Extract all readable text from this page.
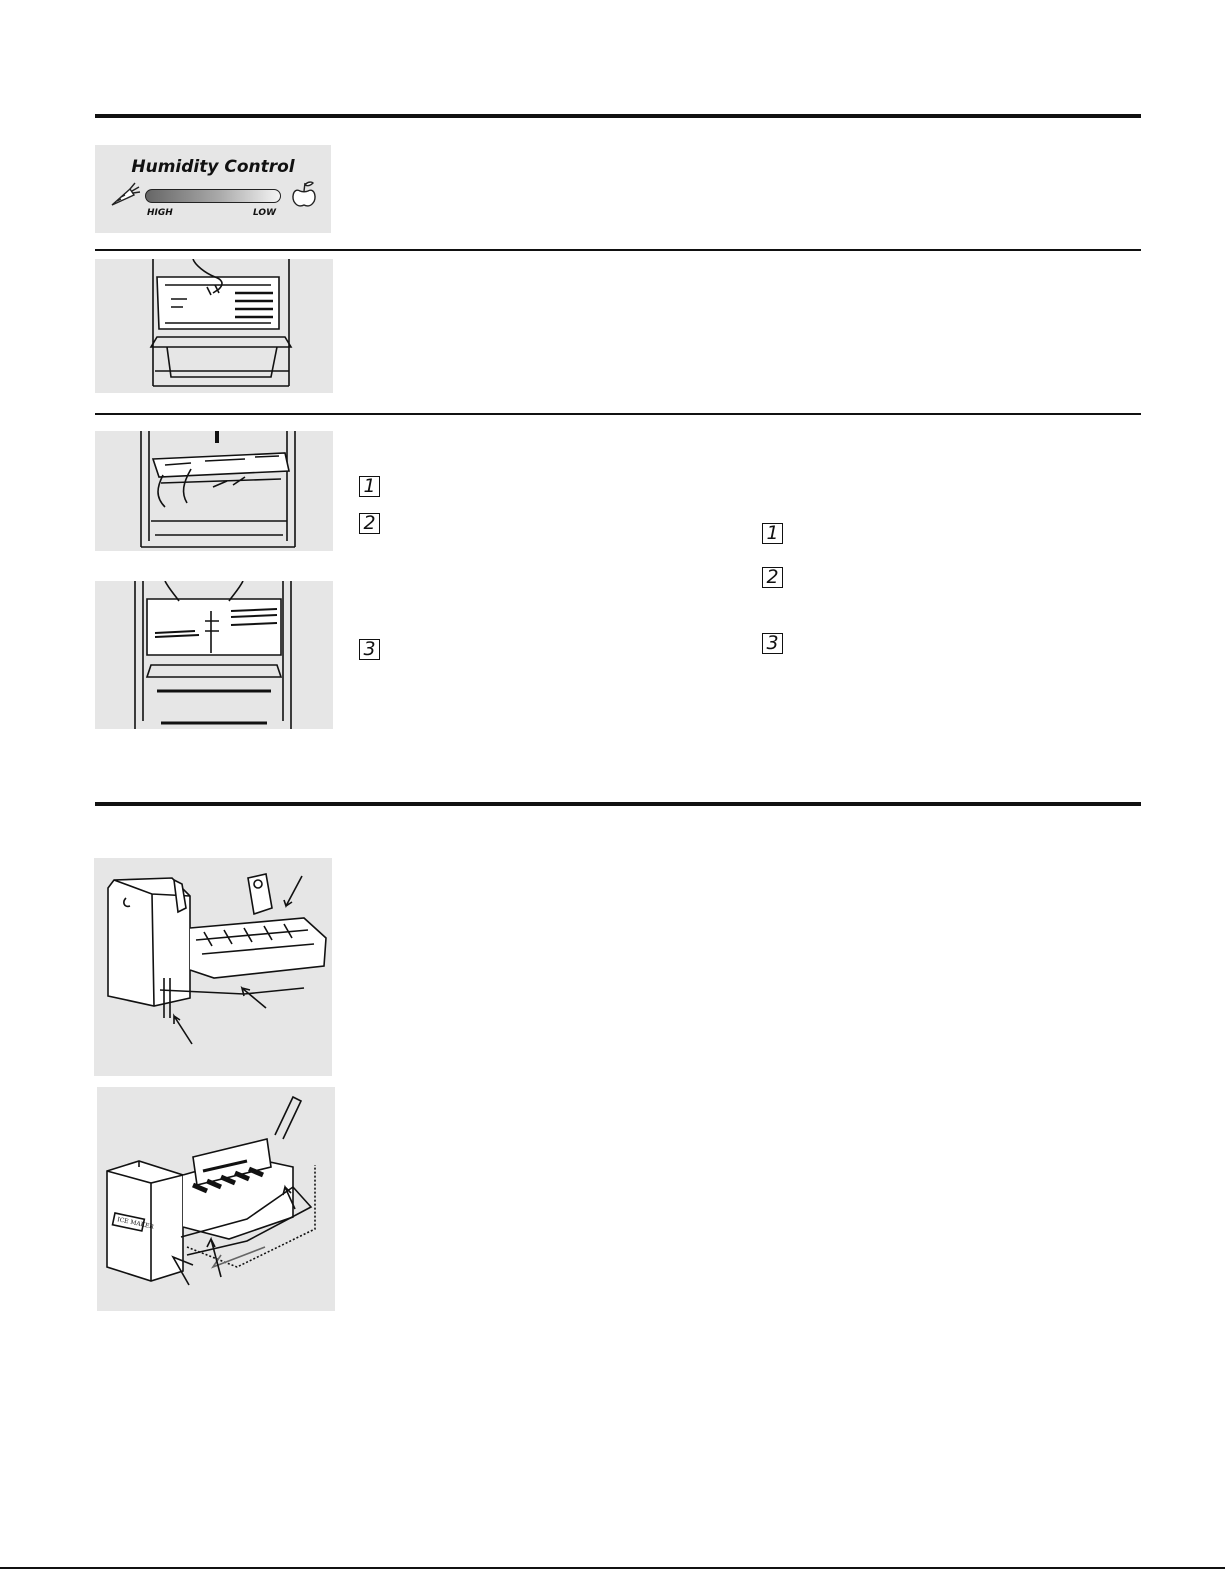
Humidity Control
HIGH	LOW
1
2
3
1
2
3
ICE MAKER
